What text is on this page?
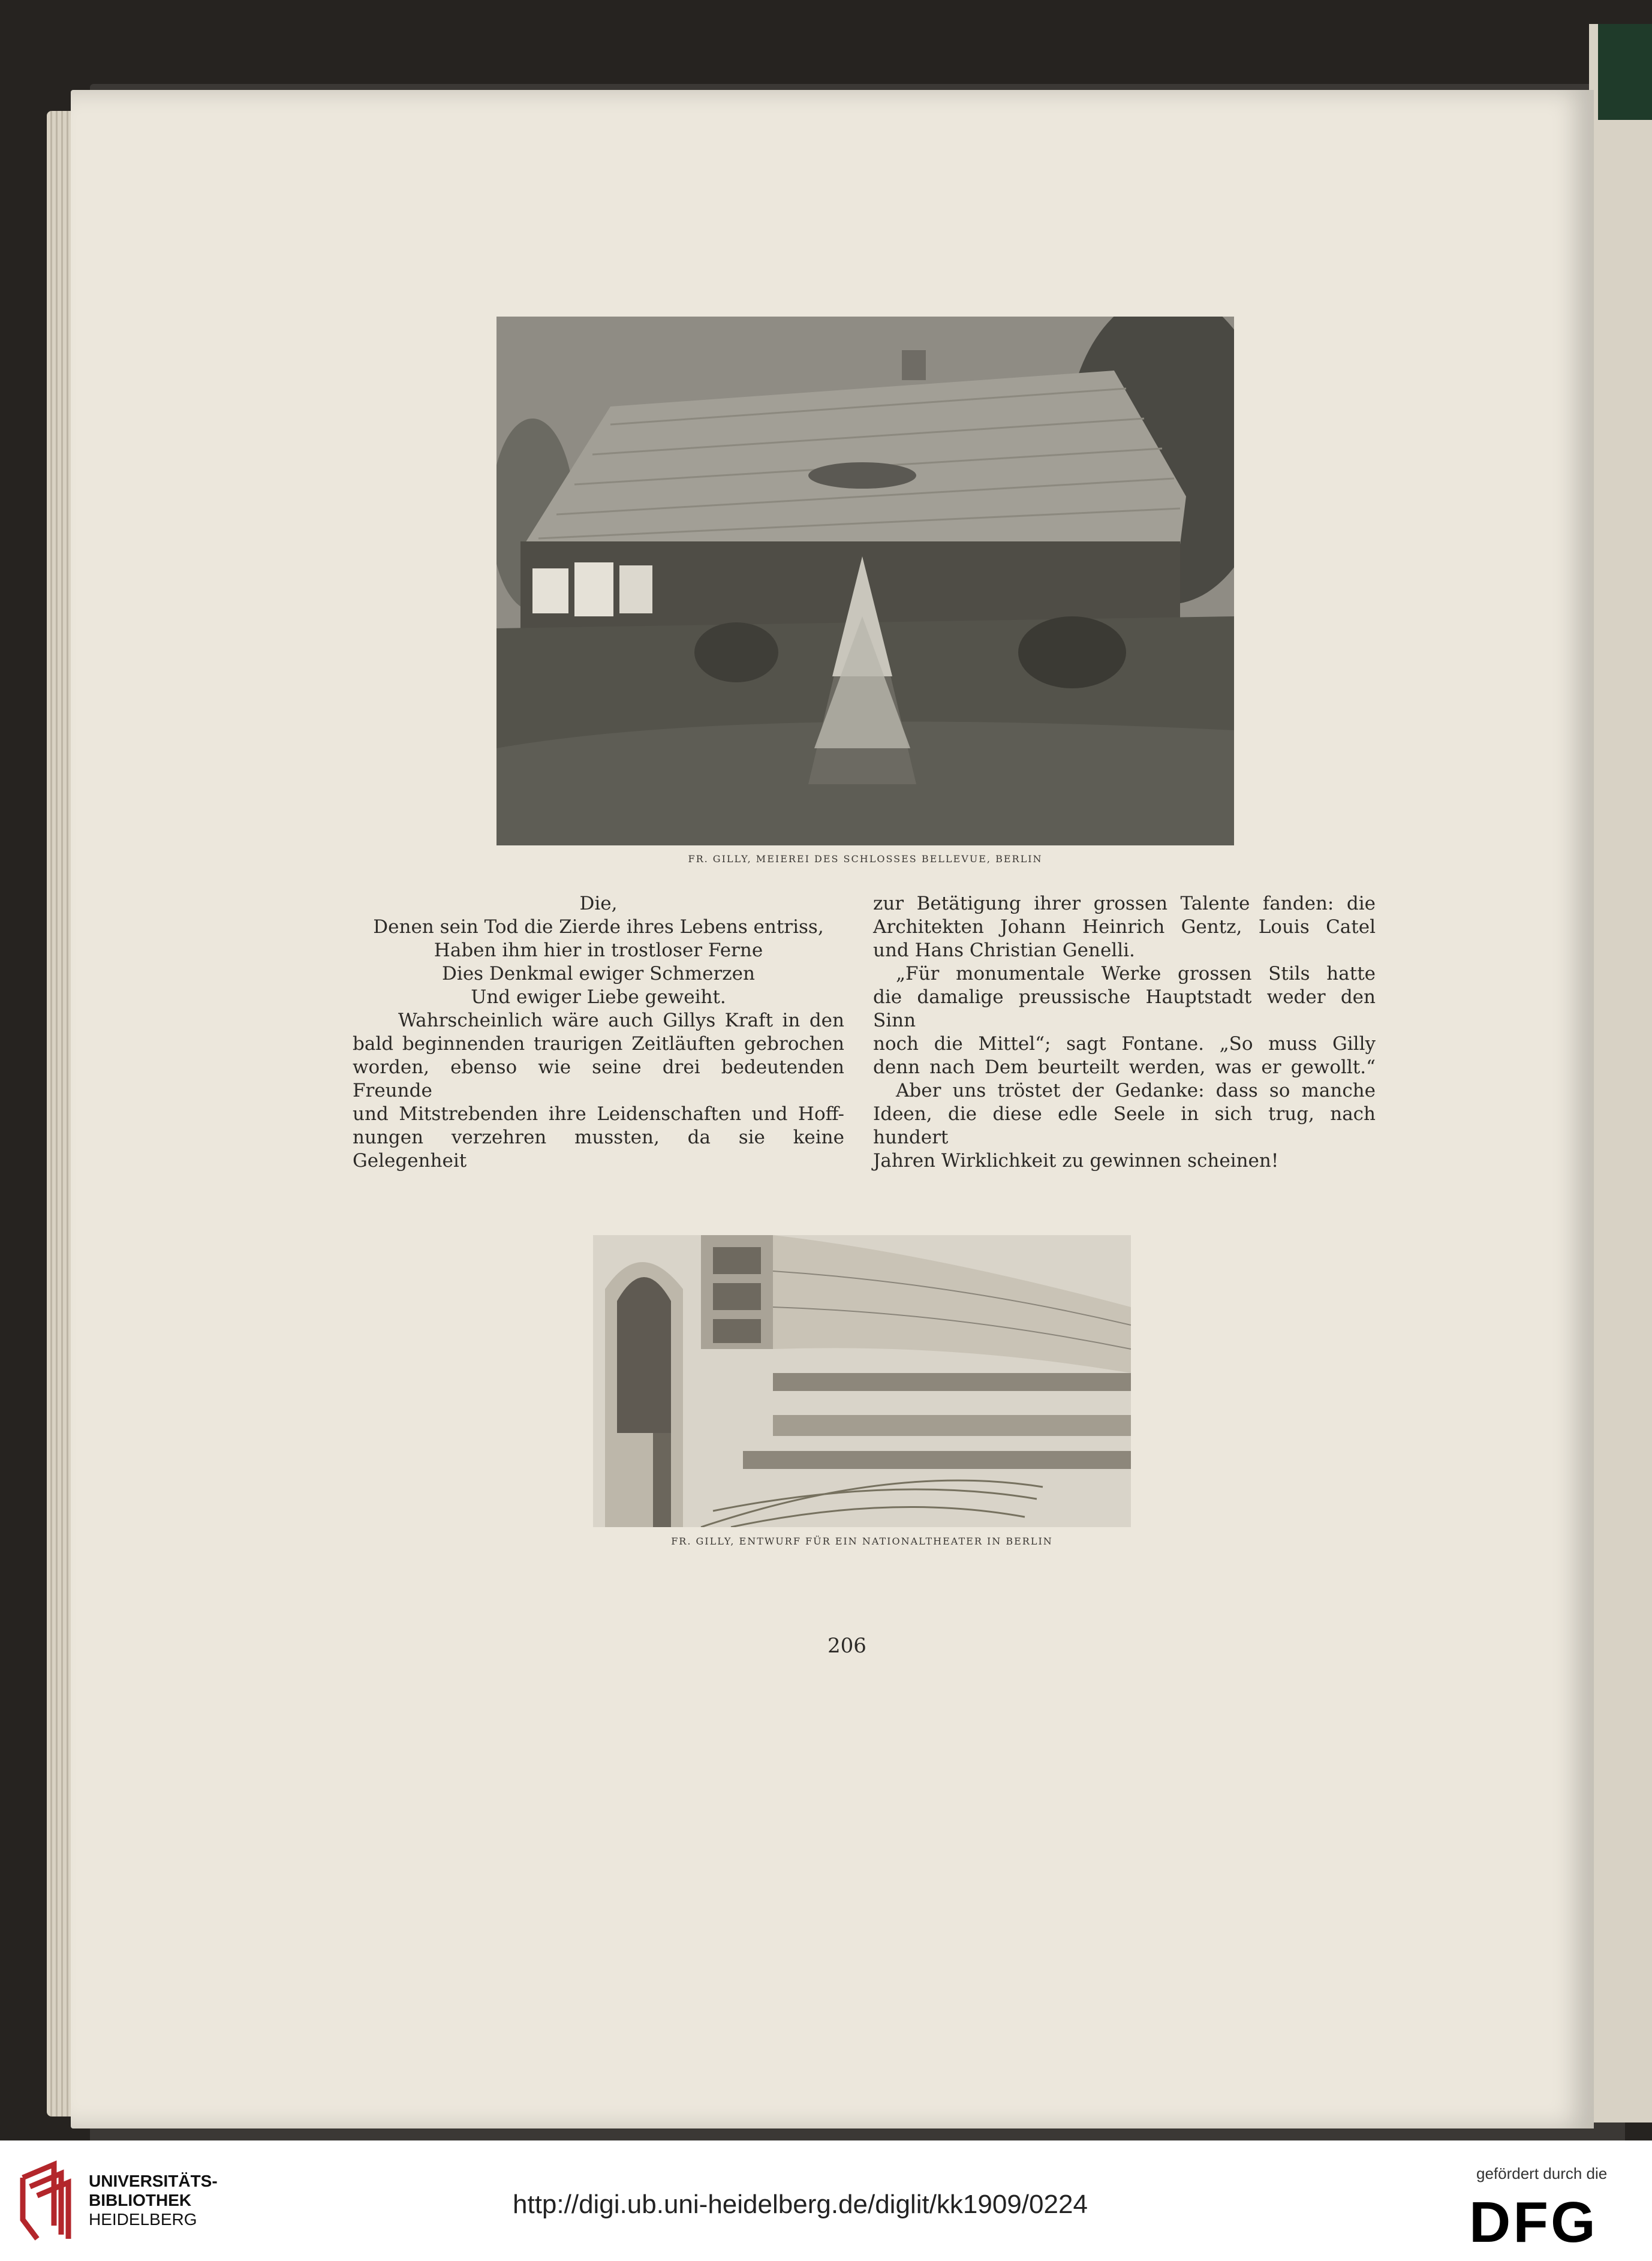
FR. GILLY, MEIEREI DES SCHLOSSES BELLEVUE, BERLIN
Die,
Denen sein Tod die Zierde ihres Lebens entriss,
Haben ihm hier in trostloser Ferne
Dies Denkmal ewiger Schmerzen
Und ewiger Liebe geweiht.
Wahrscheinlich wäre auch Gillys Kraft in den
bald beginnenden traurigen Zeitläuften gebrochen
worden, ebenso wie seine drei bedeutenden Freunde
und Mitstrebenden ihre Leidenschaften und Hoff-
nungen verzehren mussten, da sie keine Gelegenheit
zur Betätigung ihrer grossen Talente fanden: die
Architekten Johann Heinrich Gentz, Louis Catel
und Hans Christian Genelli.
„Für monumentale Werke grossen Stils hatte
die damalige preussische Hauptstadt weder den Sinn
noch die Mittel“; sagt Fontane. „So muss Gilly
denn nach Dem beurteilt werden, was er gewollt.“
Aber uns tröstet der Gedanke: dass so manche
Ideen, die diese edle Seele in sich trug, nach hundert
Jahren Wirklichkeit zu gewinnen scheinen!
FR. GILLY, ENTWURF FÜR EIN NATIONALTHEATER IN BERLIN
206
UNIVERSITÄTS-
BIBLIOTHEK
HEIDELBERG
http://digi.ub.uni-heidelberg.de/diglit/kk1909/0224
gefördert durch die
DFG
